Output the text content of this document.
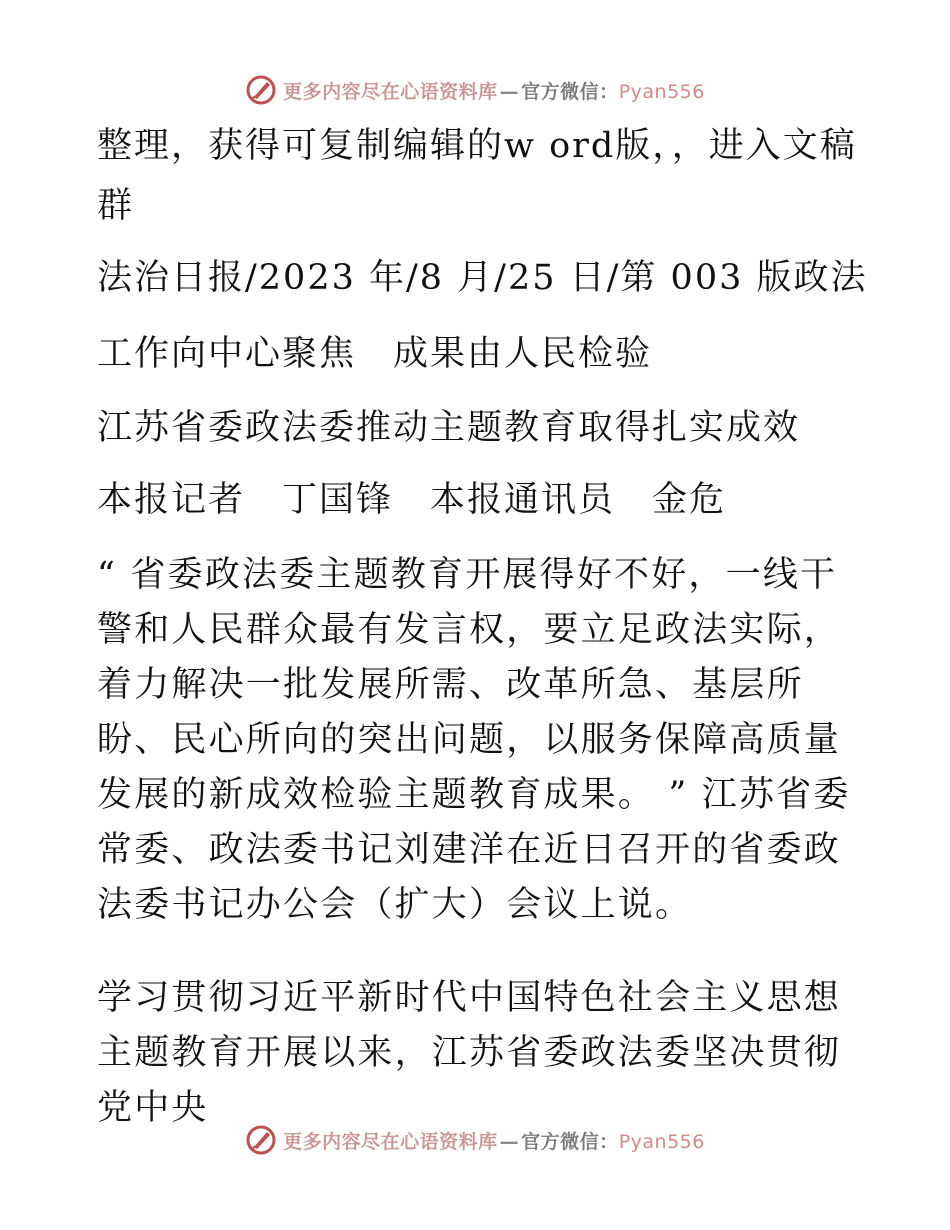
更多内容尽在心语资料库 — 官方微信：Pyan556
整理，获得可复制编辑的w ord版，，进入文稿
群
法治日报/2023 年/8 月/25 日/第 003 版政法
工作向中心聚焦　成果由人民检验
江苏省委政法委推动主题教育取得扎实成效
本报记者　丁国锋　本报通讯员　金危

“ 省委政法委主题教育开展得好不好，一线干警和人民群众最有发言权，要立足政法实际，着力解决一批发展所需、改革所急、基层所盼、民心所向的突出问题，以服务保障高质量发展的新成效检验主题教育成果。 ” 江苏省委常委、政法委书记刘建洋在近日召开的省委政法委书记办公会（扩大）会议上说。

学习贯彻习近平新时代中国特色社会主义思想主题教育开展以来，江苏省委政法委坚决贯彻党中央

更多内容尽在心语资料库 — 官方微信：Pyan556
